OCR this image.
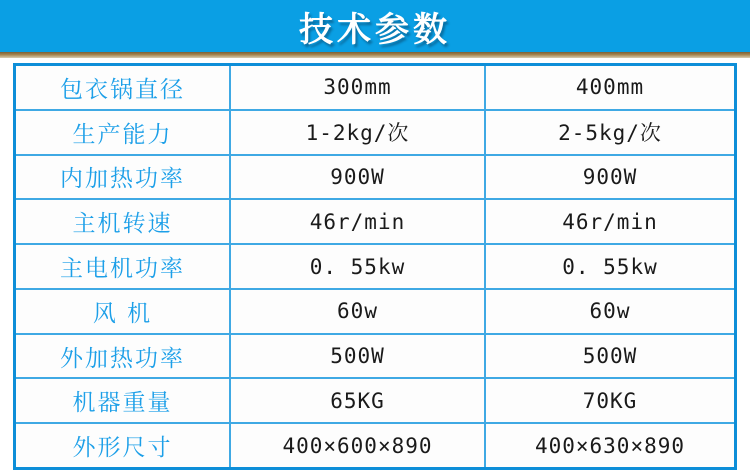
技术参数
包衣锅直径	300mm	400mm
生产能力	1-2kg/次	2-5kg/次
内加热功率	900W	900W
主机转速	46r/min	46r/min
主电机功率	0. 55kw	0. 55kw
风 机	60w	60w
外加热功率	500W	500W
机器重量	65KG	70KG
外形尺寸	400×600×890	400×630×890
